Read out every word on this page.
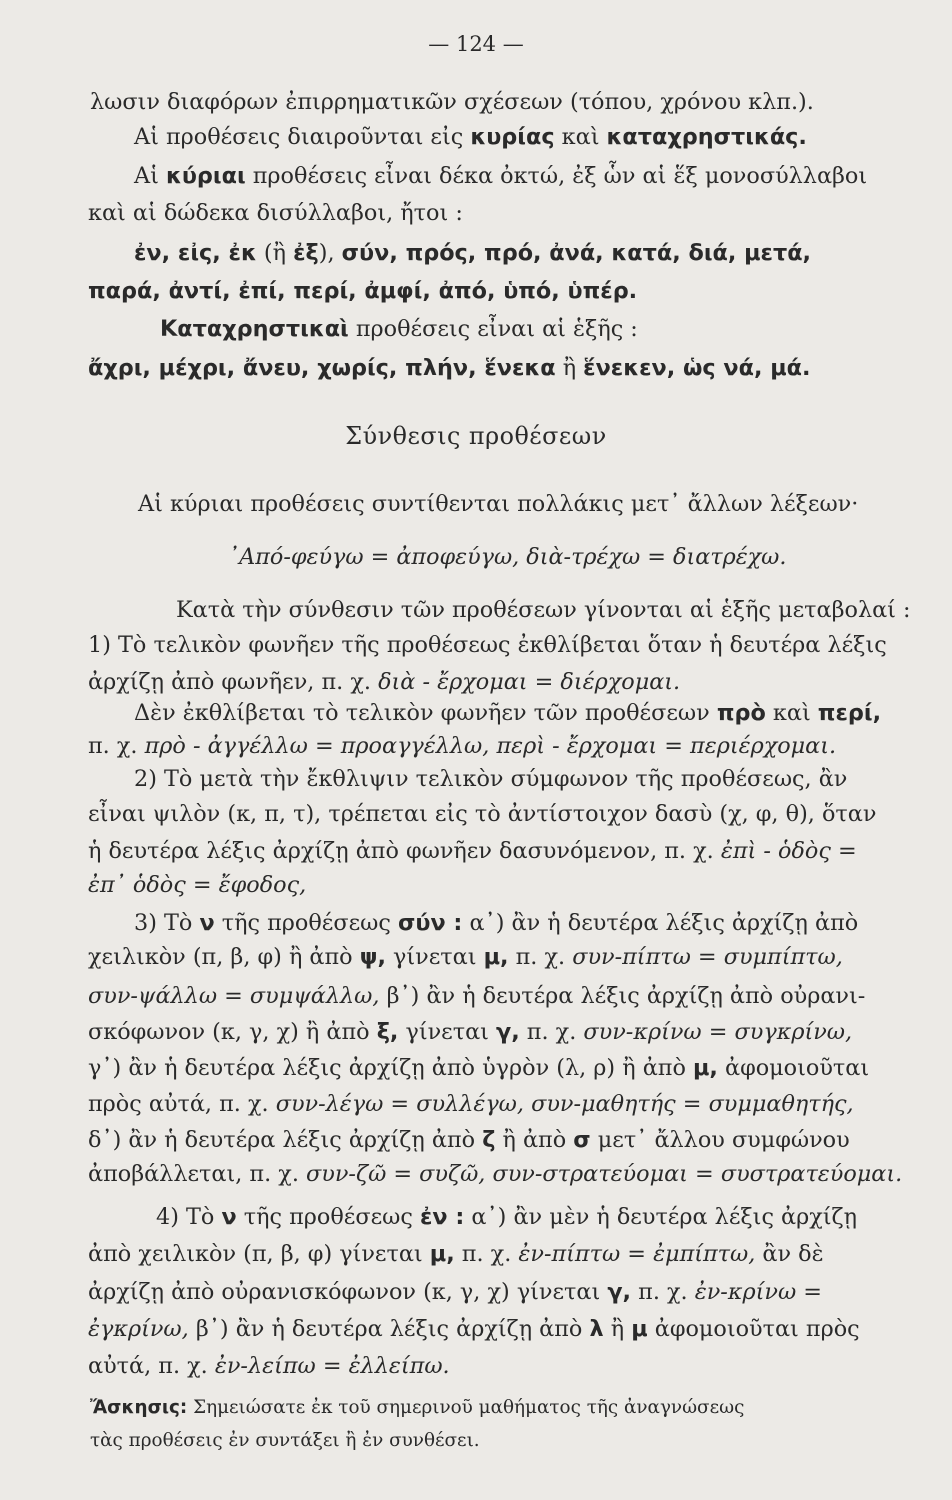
— 124 —
λωσιν διαφόρων ἐπιρρηματικῶν σχέσεων (τόπου, χρόνου κλπ.).
Αἱ προθέσεις διαιροῦνται εἰς κυρίας καὶ καταχρηστικάς.
Αἱ κύριαι προθέσεις εἶναι δέκα ὀκτώ, ἐξ ὧν αἱ ἕξ μονοσύλλαβοι
καὶ αἱ δώδεκα δισύλλαβοι, ἤτοι :
ἐν, εἰς, ἐκ (ἢ ἐξ), σύν, πρός, πρό, ἀνά, κατά, διά, μετά,
παρά, ἀντί, ἐπί, περί, ἀμφί, ἀπό, ὑπό, ὑπέρ.
Καταχρηστικαὶ προθέσεις εἶναι αἱ ἑξῆς :
ἄχρι, μέχρι, ἄνευ, χωρίς, πλήν, ἕνεκα ἢ ἕνεκεν, ὡς νά, μά.
Σύνθεσις προθέσεων
Αἱ κύριαι προθέσεις συντίθενται πολλάκις μετ᾿ ἄλλων λέξεων·
᾿Από-φεύγω = ἀποφεύγω, διὰ-τρέχω = διατρέχω.
Κατὰ τὴν σύνθεσιν τῶν προθέσεων γίνονται αἱ ἑξῆς μεταβολαί :
1) Τὸ τελικὸν φωνῆεν τῆς προθέσεως ἐκθλίβεται ὅταν ἡ δευτέρα λέξις
ἀρχίζῃ ἀπὸ φωνῆεν, π. χ. διὰ - ἔρχομαι = διέρχομαι.
Δὲν ἐκθλίβεται τὸ τελικὸν φωνῆεν τῶν προθέσεων πρὸ καὶ περί,
π. χ. πρὸ - ἀγγέλλω = προαγγέλλω, περὶ - ἔρχομαι = περιέρχομαι.
2) Τὸ μετὰ τὴν ἔκθλιψιν τελικὸν σύμφωνον τῆς προθέσεως, ἂν
εἶναι ψιλὸν (κ, π, τ), τρέπεται εἰς τὸ ἀντίστοιχον δασὺ (χ, φ, θ), ὅταν
ἡ δευτέρα λέξις ἀρχίζῃ ἀπὸ φωνῆεν δασυνόμενον, π. χ. ἐπὶ - ὁδὸς =
ἐπ᾿ ὁδὸς = ἔφοδος,
3) Τὸ ν τῆς προθέσεως σύν : α᾿) ἂν ἡ δευτέρα λέξις ἀρχίζῃ ἀπὸ
χειλικὸν (π, β, φ) ἢ ἀπὸ ψ, γίνεται μ, π. χ. συν-πίπτω = συμπίπτω,
συν-ψάλλω = συμψάλλω, β᾿) ἂν ἡ δευτέρα λέξις ἀρχίζῃ ἀπὸ οὐρανι-
σκόφωνον (κ, γ, χ) ἢ ἀπὸ ξ, γίνεται γ, π. χ. συν-κρίνω = συγκρίνω,
γ᾿) ἂν ἡ δευτέρα λέξις ἀρχίζῃ ἀπὸ ὑγρὸν (λ, ρ) ἢ ἀπὸ μ, ἀφομοιοῦται
πρὸς αὐτά, π. χ. συν-λέγω = συλλέγω, συν-μαθητής = συμμαθητής,
δ᾿) ἂν ἡ δευτέρα λέξις ἀρχίζῃ ἀπὸ ζ ἢ ἀπὸ σ μετ᾿ ἄλλου συμφώνου
ἀποβάλλεται, π. χ. συν-ζῶ = συζῶ, συν-στρατεύομαι = συστρατεύομαι.
4) Τὸ ν τῆς προθέσεως ἐν : α᾿) ἂν μὲν ἡ δευτέρα λέξις ἀρχίζῃ
ἀπὸ χειλικὸν (π, β, φ) γίνεται μ, π. χ. ἐν-πίπτω = ἐμπίπτω, ἂν δὲ
ἀρχίζῃ ἀπὸ οὐρανισκόφωνον (κ, γ, χ) γίνεται γ, π. χ. ἐν-κρίνω =
ἐγκρίνω, β᾿) ἂν ἡ δευτέρα λέξις ἀρχίζῃ ἀπὸ λ ἢ μ ἀφομοιοῦται πρὸς
αὐτά, π. χ. ἐν-λείπω = ἐλλείπω.
Ἄσκησις: Σημειώσατε ἐκ τοῦ σημερινοῦ μαθήματος τῆς ἀναγνώσεως
τὰς προθέσεις ἐν συντάξει ἢ ἐν συνθέσει.
